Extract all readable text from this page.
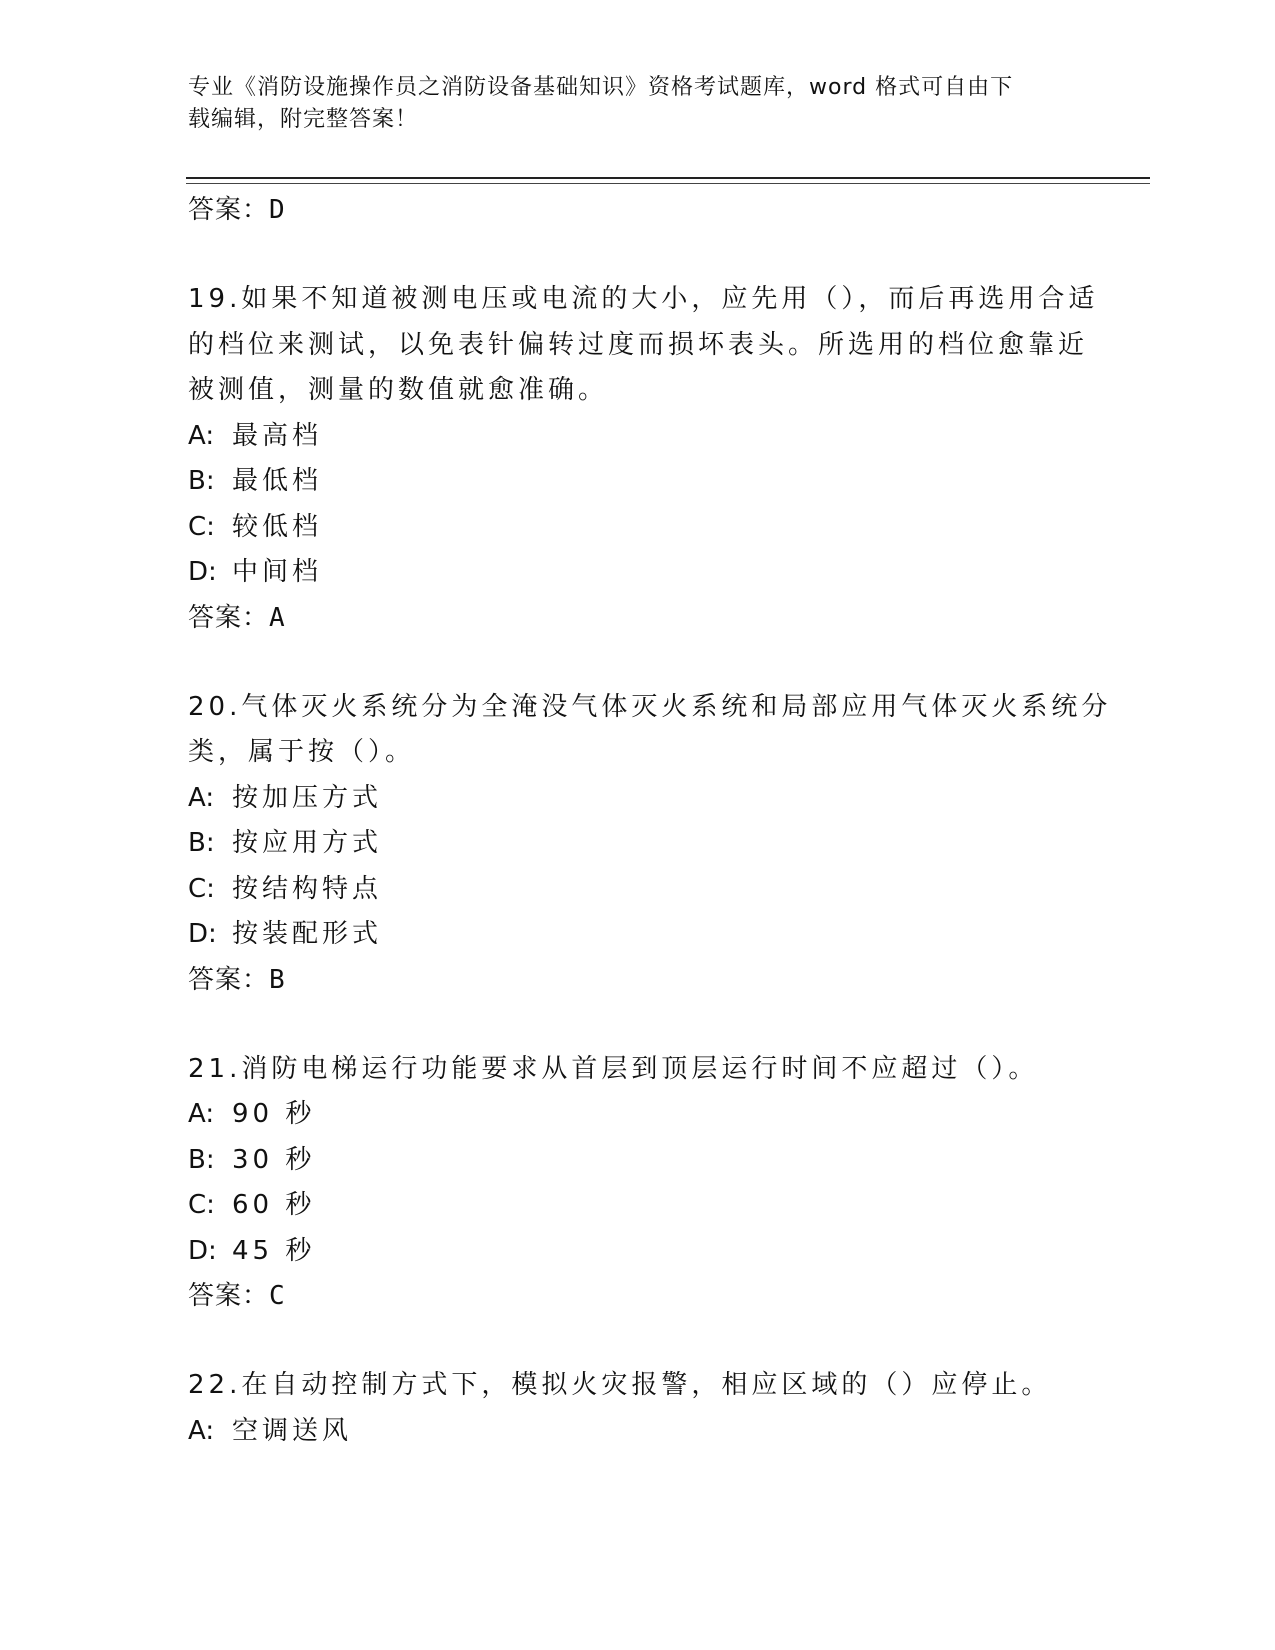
专业《消防设施操作员之消防设备基础知识》资格考试题库，word 格式可自由下
载编辑，附完整答案！
答案：D
19.如果不知道被测电压或电流的大小，应先用（），而后再选用合适
的档位来测试，以免表针偏转过度而损坏表头。所选用的档位愈靠近
被测值，测量的数值就愈准确。
A: 最高档
B: 最低档
C: 较低档
D: 中间档
答案：A
20.气体灭火系统分为全淹没气体灭火系统和局部应用气体灭火系统分
类，属于按（）。
A: 按加压方式
B: 按应用方式
C: 按结构特点
D: 按装配形式
答案：B
21.消防电梯运行功能要求从首层到顶层运行时间不应超过（）。
A: 90 秒
B: 30 秒
C: 60 秒
D: 45 秒
答案：C
22.在自动控制方式下，模拟火灾报警，相应区域的（）应停止。
A: 空调送风
